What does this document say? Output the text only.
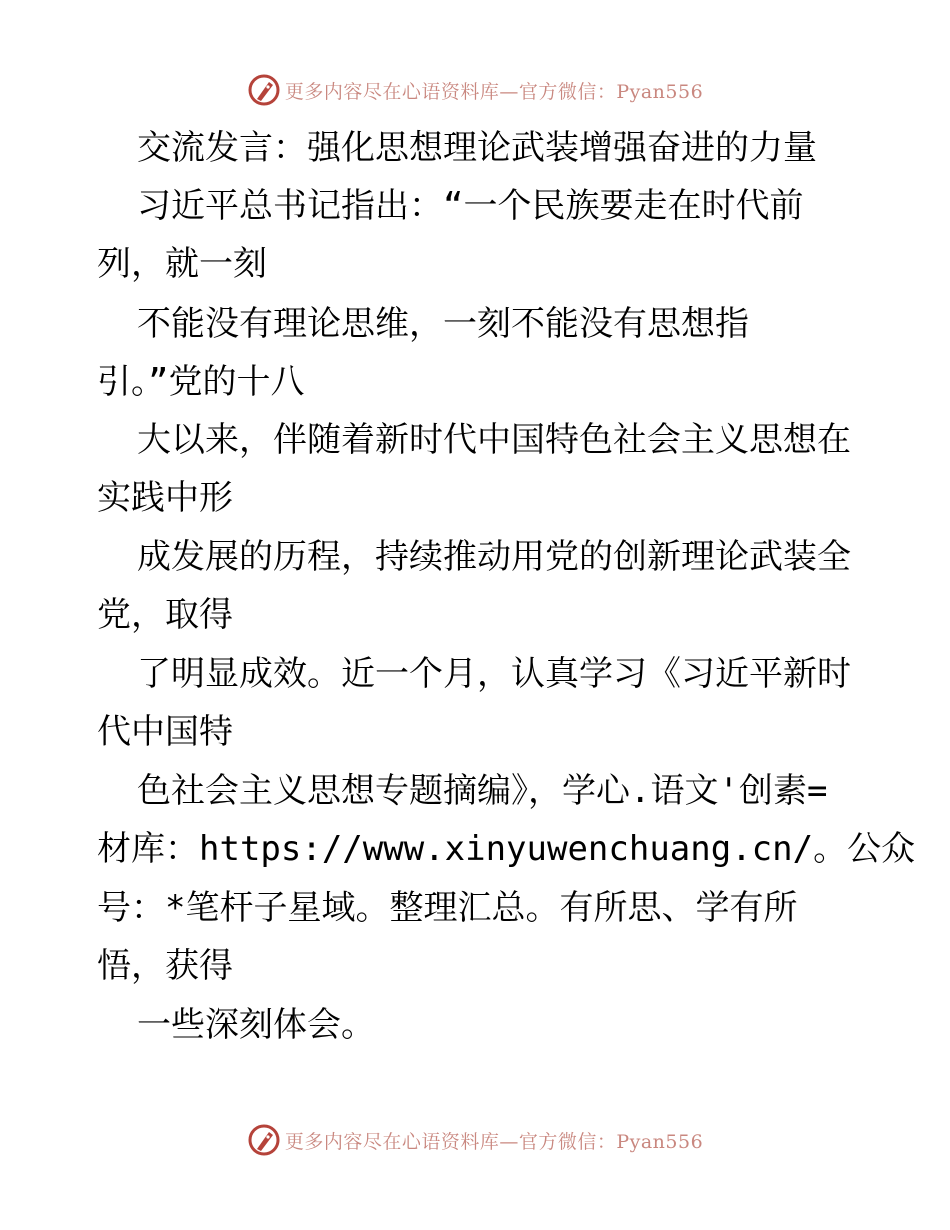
更多内容尽在心语资料库—官方微信：Pyan556
交流发言：强化思想理论武装增强奋进的力量
习近平总书记指出：“一个民族要走在时代前
列，就一刻
不能没有理论思维，一刻不能没有思想指
引。”党的十八
大以来，伴随着新时代中国特色社会主义思想在
实践中形
成发展的历程，持续推动用党的创新理论武装全
党，取得
了明显成效。近一个月，认真学习《习近平新时
代中国特
色社会主义思想专题摘编》，学心.语文'创素=
材库：https://www.xinyuwenchuang.cn/。公众
号：*笔杆子星域。整理汇总。有所思、学有所
悟，获得
一些深刻体会。
更多内容尽在心语资料库—官方微信：Pyan556
